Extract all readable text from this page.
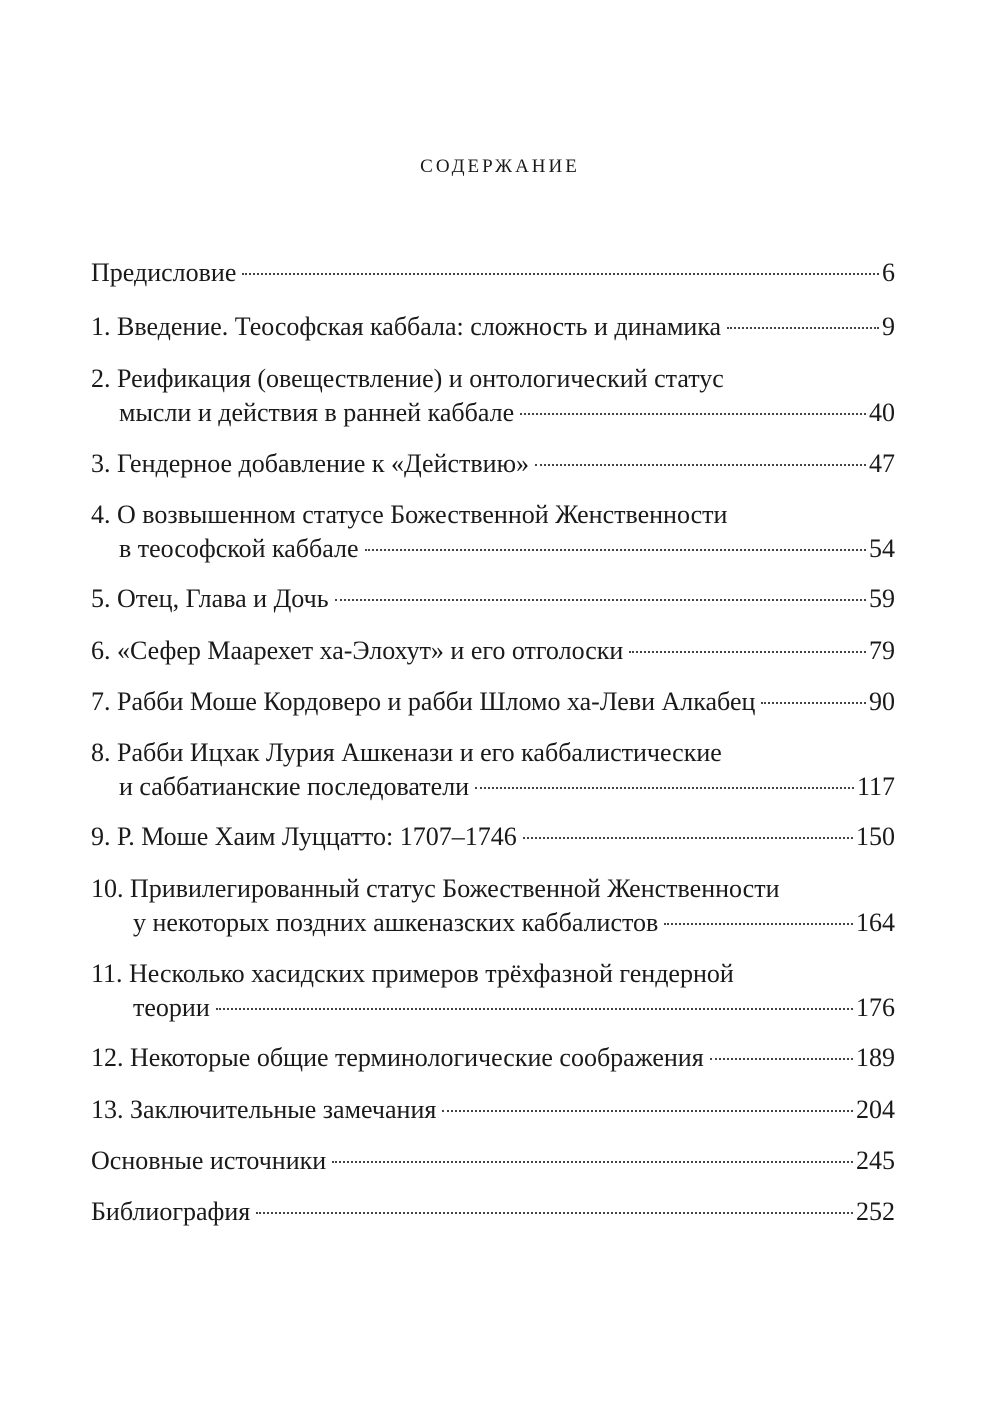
содержание
Предисловие	6
1. Введение. Теософская каббала: сложность и динамика	9
2. Реификация (овеществление) и онтологический статус
мысли и действия в ранней каббале	40
3. Гендерное добавление к «Действию»	47
4. О возвышенном статусе Божественной Женственности
в теософской каббале	54
5. Отец, Глава и Дочь	59
6. «Сефер Маарехет ха-Элохут» и его отголоски	79
7. Рабби Моше Кордоверо и рабби Шломо ха-Леви Алкабец	90
8. Рабби Ицхак Лурия Ашкенази и его каббалистические
и саббатианские последователи	117
9. Р. Моше Хаим Луццатто: 1707–1746	150
10. Привилегированный статус Божественной Женственности
у некоторых поздних ашкеназских каббалистов	164
11. Несколько хасидских примеров трёхфазной гендерной
теории	176
12. Некоторые общие терминологические соображения	189
13. Заключительные замечания	204
Основные источники	245
Библиография	252
